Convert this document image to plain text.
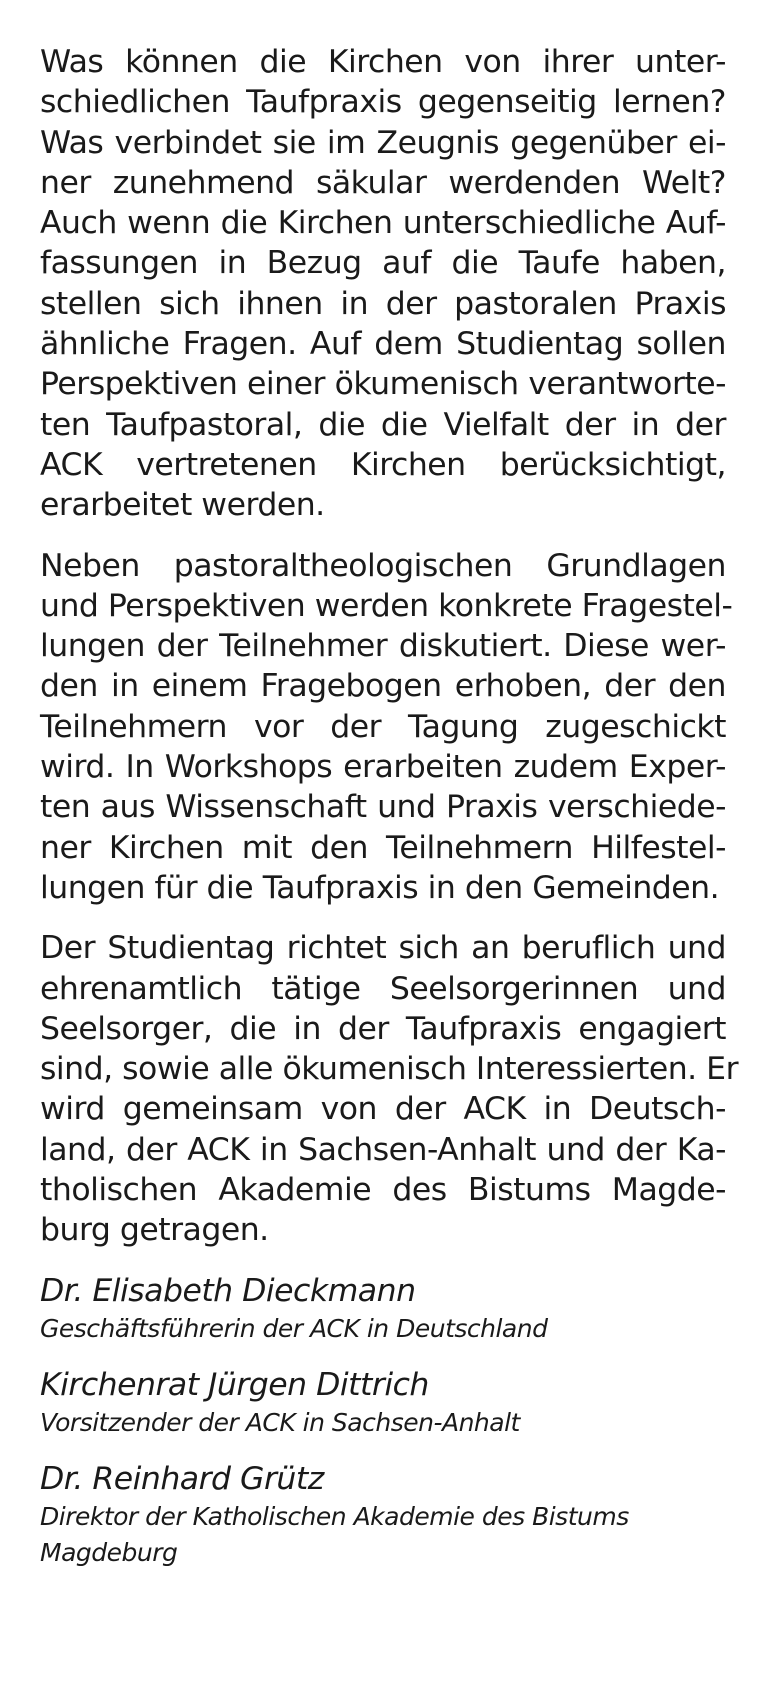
Was können die Kirchen von ihrer unter-
schiedlichen Taufpraxis gegenseitig lernen?
Was verbindet sie im Zeugnis gegenüber ei-
ner zunehmend säkular werdenden Welt?
Auch wenn die Kirchen unterschiedliche Auf-
fassungen in Bezug auf die Taufe haben,
stellen sich ihnen in der pastoralen Praxis
ähnliche Fragen. Auf dem Studientag sollen
Perspektiven einer ökumenisch verantworte-
ten Taufpastoral, die die Vielfalt der in der
ACK vertretenen Kirchen berücksichtigt,
erarbeitet werden.

Neben pastoraltheologischen Grundlagen
und Perspektiven werden konkrete Fragestel-
lungen der Teilnehmer diskutiert. Diese wer-
den in einem Fragebogen erhoben, der den
Teilnehmern vor der Tagung zugeschickt
wird. In Workshops erarbeiten zudem Exper-
ten aus Wissenschaft und Praxis verschiede-
ner Kirchen mit den Teilnehmern Hilfestel-
lungen für die Taufpraxis in den Gemeinden.

Der Studientag richtet sich an beruflich und
ehrenamtlich tätige Seelsorgerinnen und
Seelsorger, die in der Taufpraxis engagiert
sind, sowie alle ökumenisch Interessierten. Er
wird gemeinsam von der ACK in Deutsch-
land, der ACK in Sachsen-Anhalt und der Ka-
tholischen Akademie des Bistums Magde-
burg getragen.

Dr. Elisabeth Dieckmann
Geschäftsführerin der ACK in Deutschland
Kirchenrat Jürgen Dittrich
Vorsitzender der ACK in Sachsen-Anhalt
Dr. Reinhard Grütz
Direktor der Katholischen Akademie des Bistums
Magdeburg
